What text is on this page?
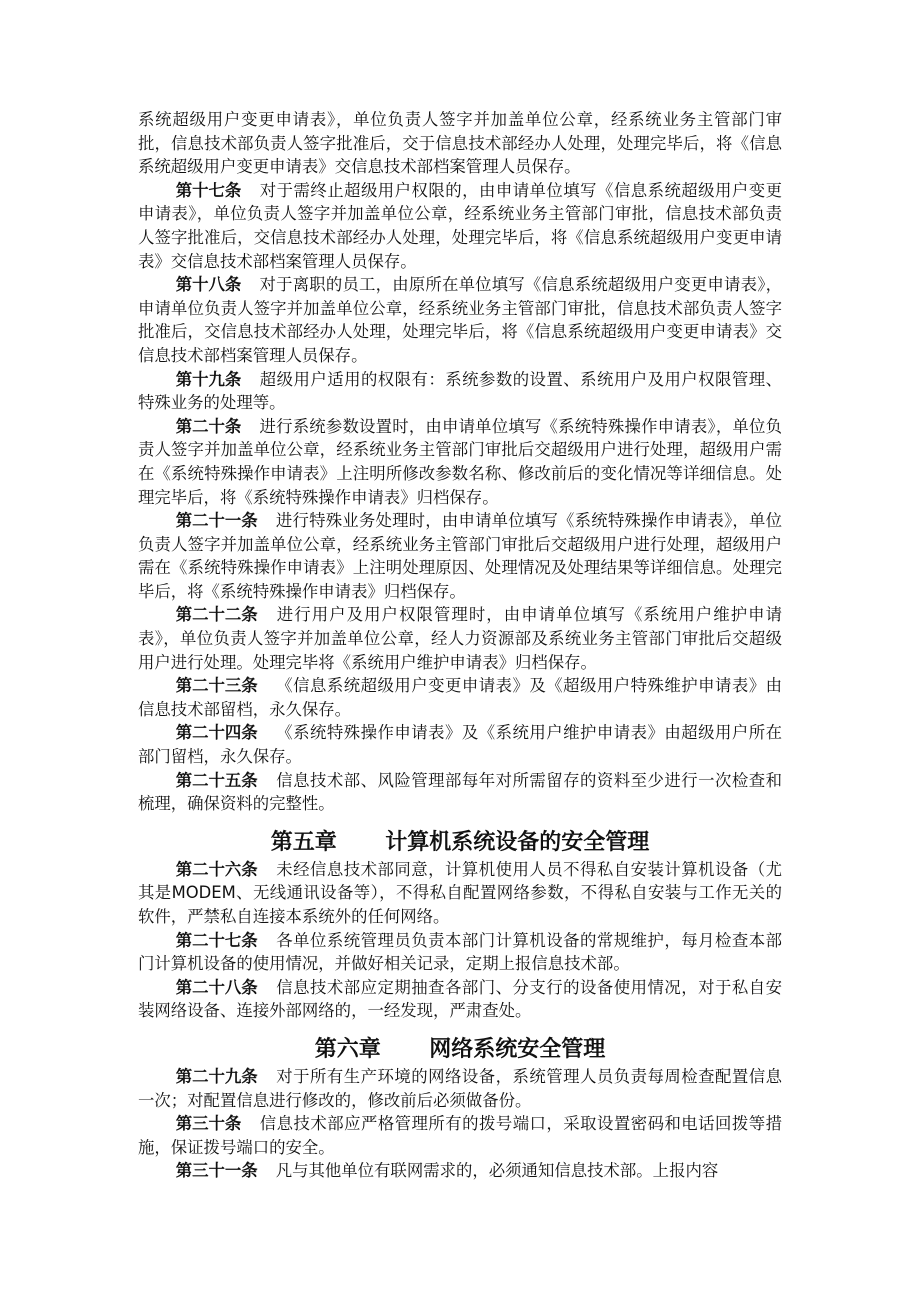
系统超级用户变更申请表》，单位负责人签字并加盖单位公章，经系统业务主管部门审批，信息技术部负责人签字批准后，交于信息技术部经办人处理，处理完毕后，将《信息系统超级用户变更申请表》交信息技术部档案管理人员保存。

第十七条 对于需终止超级用户权限的，由申请单位填写《信息系统超级用户变更申请表》，单位负责人签字并加盖单位公章，经系统业务主管部门审批，信息技术部负责人签字批准后，交信息技术部经办人处理，处理完毕后，将《信息系统超级用户变更申请表》交信息技术部档案管理人员保存。

第十八条 对于离职的员工，由原所在单位填写《信息系统超级用户变更申请表》，申请单位负责人签字并加盖单位公章，经系统业务主管部门审批，信息技术部负责人签字批准后，交信息技术部经办人处理，处理完毕后，将《信息系统超级用户变更申请表》交信息技术部档案管理人员保存。

第十九条 超级用户适用的权限有：系统参数的设置、系统用户及用户权限管理、特殊业务的处理等。

第二十条 进行系统参数设置时，由申请单位填写《系统特殊操作申请表》，单位负责人签字并加盖单位公章，经系统业务主管部门审批后交超级用户进行处理，超级用户需在《系统特殊操作申请表》上注明所修改参数名称、修改前后的变化情况等详细信息。处理完毕后，将《系统特殊操作申请表》归档保存。

第二十一条 进行特殊业务处理时，由申请单位填写《系统特殊操作申请表》，单位负责人签字并加盖单位公章，经系统业务主管部门审批后交超级用户进行处理，超级用户需在《系统特殊操作申请表》上注明处理原因、处理情况及处理结果等详细信息。处理完毕后，将《系统特殊操作申请表》归档保存。

第二十二条 进行用户及用户权限管理时，由申请单位填写《系统用户维护申请表》，单位负责人签字并加盖单位公章，经人力资源部及系统业务主管部门审批后交超级用户进行处理。处理完毕将《系统用户维护申请表》归档保存。

第二十三条 《信息系统超级用户变更申请表》及《超级用户特殊维护申请表》由信息技术部留档，永久保存。

第二十四条 《系统特殊操作申请表》及《系统用户维护申请表》由超级用户所在部门留档，永久保存。

第二十五条 信息技术部、风险管理部每年对所需留存的资料至少进行一次检查和梳理，确保资料的完整性。

第五章 计算机系统设备的安全管理

第二十六条 未经信息技术部同意，计算机使用人员不得私自安装计算机设备（尤其是MODEM、无线通讯设备等），不得私自配置网络参数，不得私自安装与工作无关的软件，严禁私自连接本系统外的任何网络。

第二十七条 各单位系统管理员负责本部门计算机设备的常规维护，每月检查本部门计算机设备的使用情况，并做好相关记录，定期上报信息技术部。

第二十八条 信息技术部应定期抽查各部门、分支行的设备使用情况，对于私自安装网络设备、连接外部网络的，一经发现，严肃查处。

第六章 网络系统安全管理

第二十九条 对于所有生产环境的网络设备，系统管理人员负责每周检查配置信息一次；对配置信息进行修改的，修改前后必须做备份。

第三十条 信息技术部应严格管理所有的拨号端口，采取设置密码和电话回拨等措施，保证拨号端口的安全。

第三十一条 凡与其他单位有联网需求的，必须通知信息技术部。上报内容
